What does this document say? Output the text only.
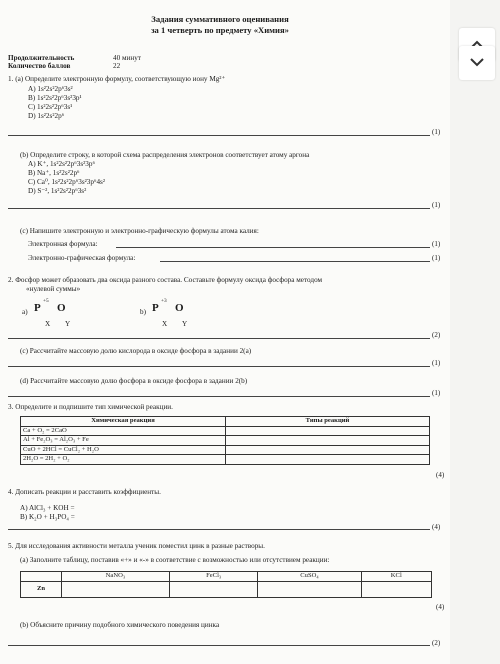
Задания суммативного оценивания
за 1 четверть по предмету «Химия»
Продолжительность	40 минут
Количество баллов	22
1. (a) Определите электронную формулу, соответствующую иону Mg²⁺
A) 1s²2s²2p⁶3s²
B) 1s²2s²2p⁶3s²3p¹
C) 1s²2s²2p⁶3s¹
D) 1s²2s²2p⁶
(1)
(b) Определите строку, в которой схема распределения электронов соответствует атому аргона
A) K⁺, 1s²2s²2p⁶3s²3p⁶
B) Na⁺, 1s²2s²2p⁶
C) Ca⁰, 1s²2s²2p⁶3s²3p⁶4s²
D) S⁻², 1s²2s²2p⁶3s²
(1)
(c) Напишите электронную и электронно-графическую формулы атома калия:
Электронная формула:	(1)
Электронно-графическая формула:	(1)
2. Фосфор может образовать два оксида разного состава. Составьте формулу оксида фосфора методом
«нулевой суммы»
+5
a) P O
X Y
+3
b) P O
X Y
(2)
(c) Рассчитайте массовую долю кислорода в оксиде фосфора в задании 2(a)
(1)
(d) Рассчитайте массовую долю фосфора в оксиде фосфора в задании 2(b)
(1)
3. Определите и подпишите тип химической реакции.
Химическая реакция	Типы реакций
Ca + O₂ = 2CaO	
Al + Fe₂O₃ = Al₂O₃ + Fe	
CuO + 2HCl = CuCl₂ + H₂O	
2H₂O = 2H₂ + O₂	
(4)
4. Дописать реакции и расставить коэффициенты.
A) AlCl₃ + KOH =
B) K₂O + H₃PO₄ =
(4)
5. Для исследования активности металла ученик поместил цинк в разные растворы.
(a) Заполните таблицу, поставив «+» и «-» в соответствие с возможностью или отсутствием реакции:
	NaNO₃	FeCl₃	CuSO₄	KCl
Zn				
(4)
(b) Объясните причину подобного химического поведения цинка
(2)
